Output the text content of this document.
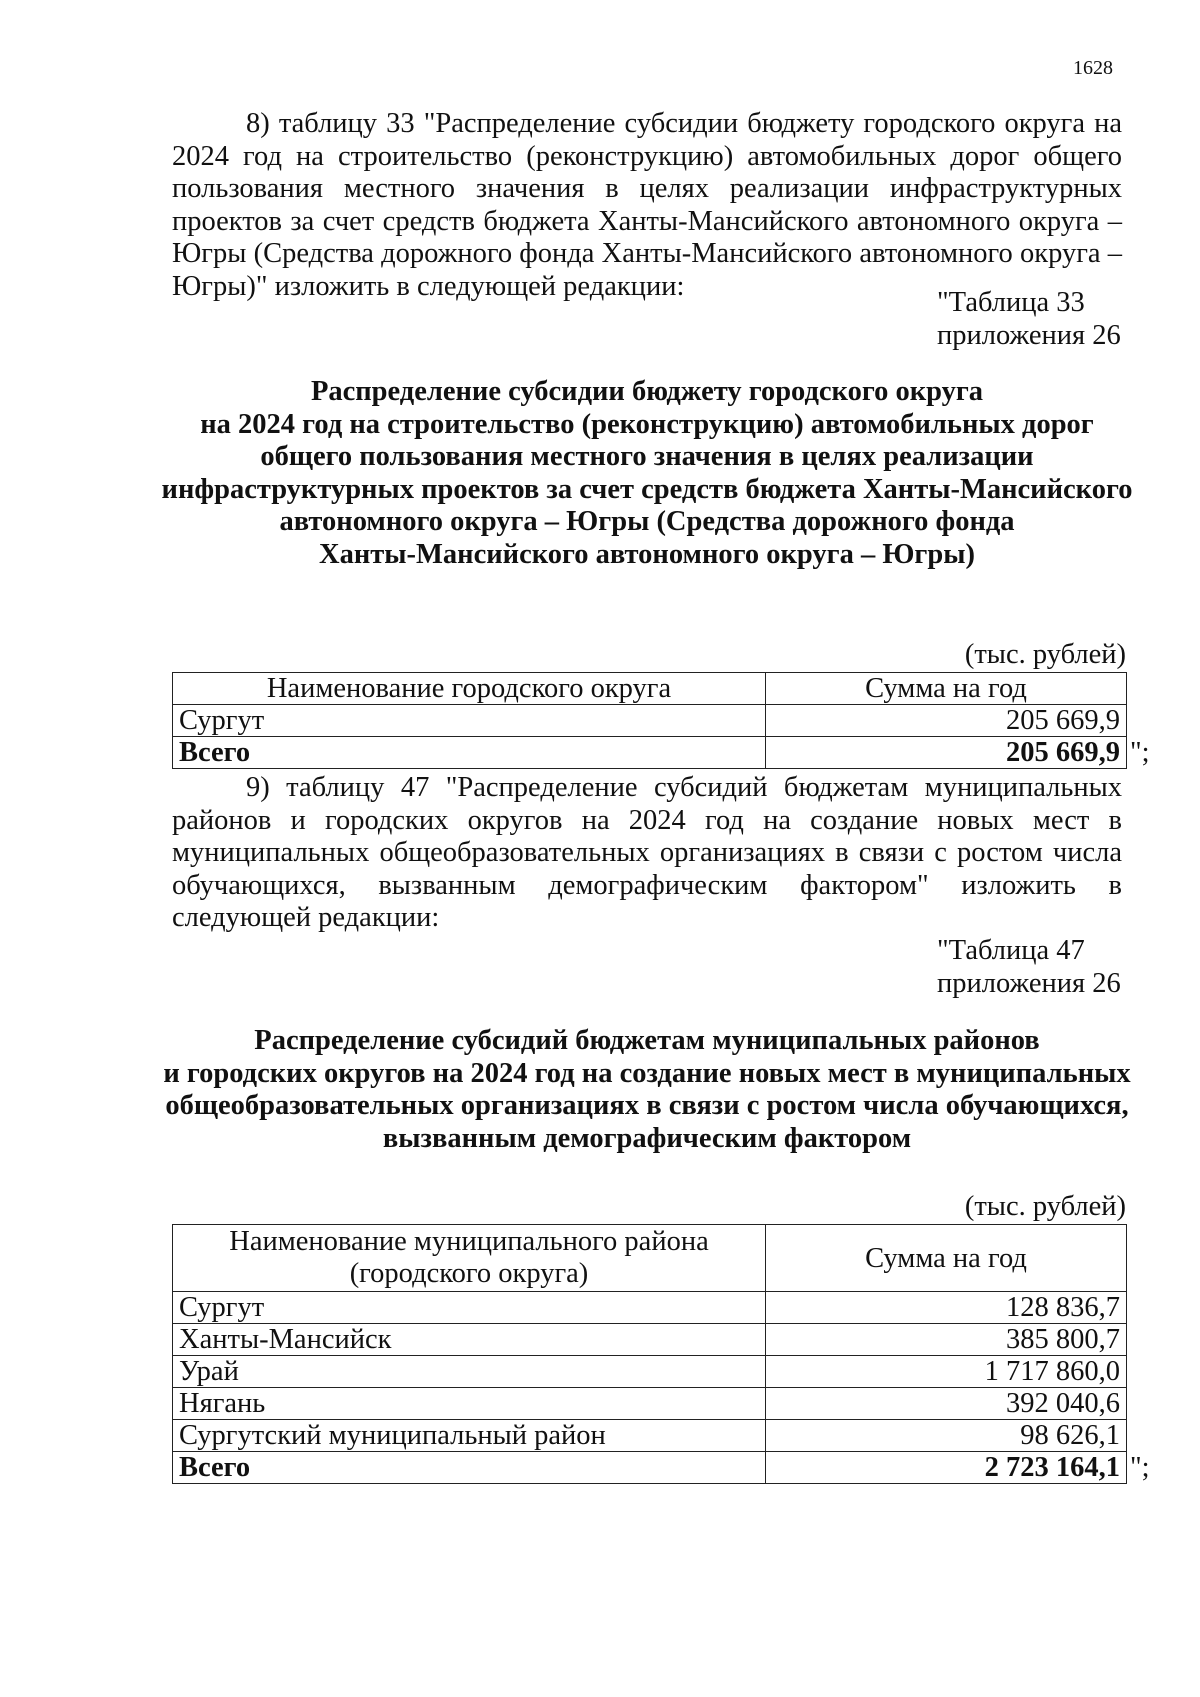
1628

8) таблицу 33 "Распределение субсидии бюджету городского округа на 2024 год на строительство (реконструкцию) автомобильных дорог общего пользования местного значения в целях реализации инфраструктурных проектов за счет средств бюджета Ханты-Мансийского автономного округа – Югры (Средства дорожного фонда Ханты-Мансийского автономного округа – Югры)" изложить в следующей редакции:

"Таблица 33
приложения 26
Распределение субсидии бюджету городского округа
на 2024 год на строительство (реконструкцию) автомобильных дорог
общего пользования местного значения в целях реализации
инфраструктурных проектов за счет средств бюджета Ханты-Мансийского
автономного округа – Югры (Средства дорожного фонда
Ханты-Мансийского автономного округа – Югры)
(тыс. рублей)
Наименование городского округа	Сумма на год
Сургут	205 669,9
Всего	205 669,9 ";

9) таблицу 47 "Распределение субсидий бюджетам муниципальных районов и городских округов на 2024 год на создание новых мест в муниципальных общеобразовательных организациях в связи с ростом числа обучающихся, вызванным демографическим фактором" изложить в следующей редакции:

"Таблица 47
приложения 26
Распределение субсидий бюджетам муниципальных районов
и городских округов на 2024 год на создание новых мест в муниципальных
общеобразовательных организациях в связи с ростом числа обучающихся,
вызванным демографическим фактором
(тыс. рублей)
Наименование муниципального района (городского округа)	Сумма на год
Сургут	128 836,7
Ханты-Мансийск	385 800,7
Урай	1 717 860,0
Нягань	392 040,6
Сургутский муниципальный район	98 626,1
Всего	2 723 164,1 ";
